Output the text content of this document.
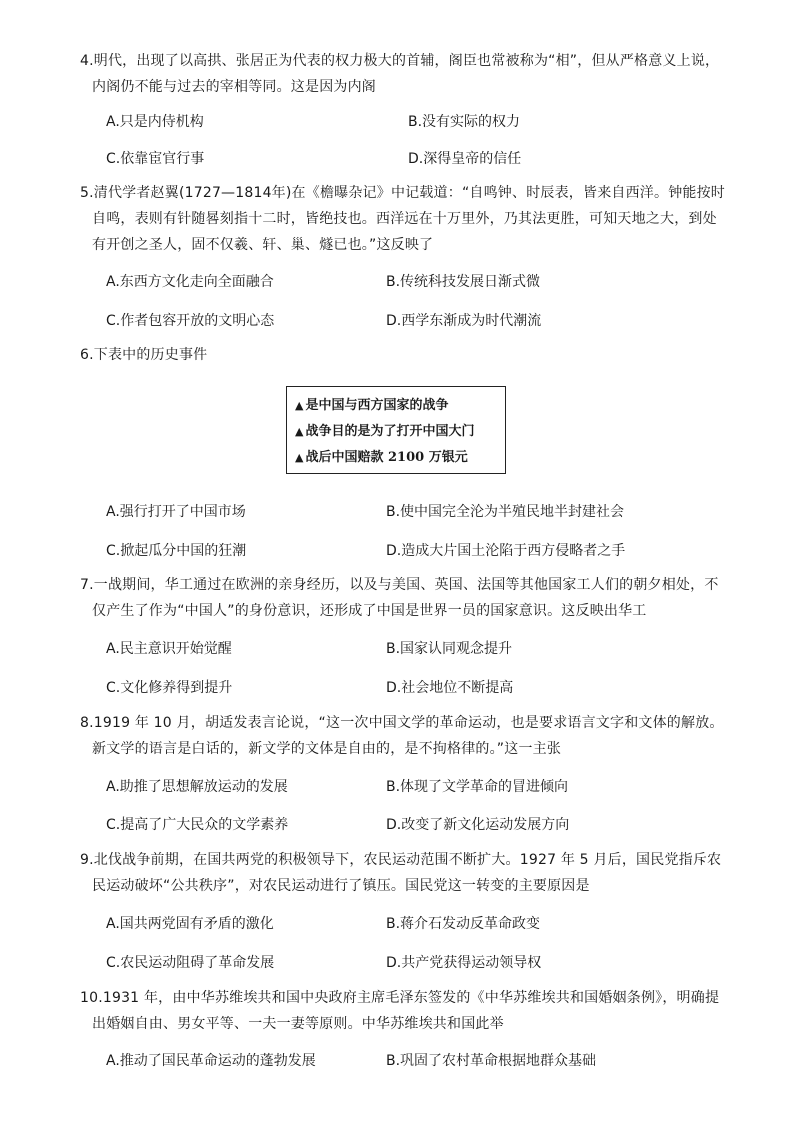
4.明代，出现了以高拱、张居正为代表的权力极大的首辅，阁臣也常被称为“相”，但从严格意义上说，内阁仍不能与过去的宰相等同。这是因为内阁
A.只是内侍机构	B.没有实际的权力
C.依靠宦官行事	D.深得皇帝的信任
5.清代学者赵翼(1727—1814年)在《檐曝杂记》中记载道：“自鸣钟、时辰表，皆来自西洋。钟能按时自鸣，表则有针随晷刻指十二时，皆绝技也。西洋远在十万里外，乃其法更胜，可知天地之大，到处有开创之圣人，固不仅羲、轩、巢、燧已也。”这反映了
A.东西方文化走向全面融合	B.传统科技发展日渐式微
C.作者包容开放的文明心态	D.西学东渐成为时代潮流
6.下表中的历史事件
▲ 是中国与西方国家的战争
▲ 战争目的是为了打开中国大门
▲ 战后中国赔款 2100 万银元
A.强行打开了中国市场	B.使中国完全沦为半殖民地半封建社会
C.掀起瓜分中国的狂潮	D.造成大片国土沦陷于西方侵略者之手
7.一战期间，华工通过在欧洲的亲身经历，以及与美国、英国、法国等其他国家工人们的朝夕相处，不仅产生了作为“中国人”的身份意识，还形成了中国是世界一员的国家意识。这反映出华工
A.民主意识开始觉醒	B.国家认同观念提升
C.文化修养得到提升	D.社会地位不断提高
8.1919 年 10 月，胡适发表言论说，“这一次中国文学的革命运动，也是要求语言文字和文体的解放。新文学的语言是白话的，新文学的文体是自由的，是不拘格律的。”这一主张
A.助推了思想解放运动的发展	B.体现了文学革命的冒进倾向
C.提高了广大民众的文学素养	D.改变了新文化运动发展方向
9.北伐战争前期，在国共两党的积极领导下，农民运动范围不断扩大。1927 年 5 月后，国民党指斥农民运动破坏“公共秩序”，对农民运动进行了镇压。国民党这一转变的主要原因是
A.国共两党固有矛盾的激化	B.蒋介石发动反革命政变
C.农民运动阻碍了革命发展	D.共产党获得运动领导权
10.1931 年，由中华苏维埃共和国中央政府主席毛泽东签发的《中华苏维埃共和国婚姻条例》，明确提出婚姻自由、男女平等、一夫一妻等原则。中华苏维埃共和国此举
A.推动了国民革命运动的蓬勃发展	B.巩固了农村革命根据地群众基础
